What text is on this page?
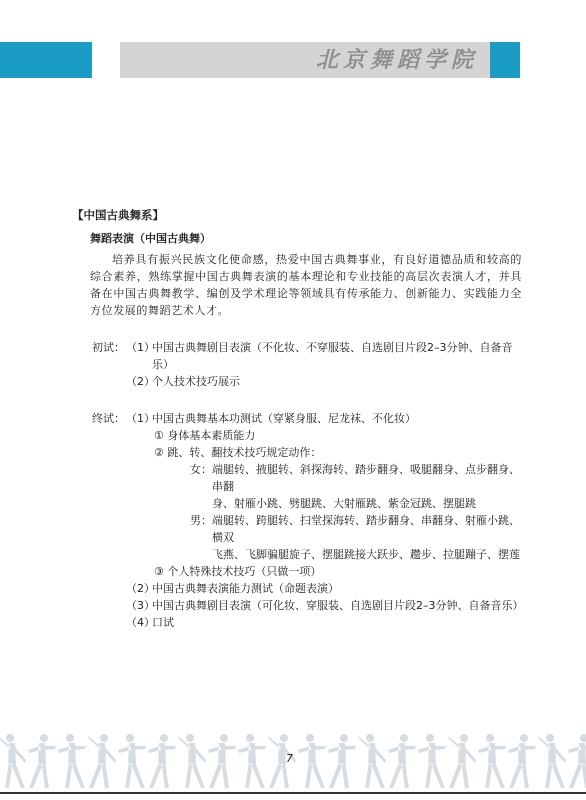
北京舞蹈学院
【中国古典舞系】
舞蹈表演（中国古典舞）
培养具有振兴民族文化使命感，热爱中国古典舞事业，有良好道德品质和较高的综合素养，熟练掌握中国古典舞表演的基本理论和专业技能的高层次表演人才，并具备在中国古典舞教学、编创及学术理论等领域具有传承能力、创新能力、实践能力全方位发展的舞蹈艺术人才。
初试： （1）
中国古典舞剧目表演（不化妆、不穿服装、自选剧目片段2–3分钟、自备音乐）
（2）
个人技术技巧展示
终试： （1）
中国古典舞基本功测试（穿紧身服、尼龙袜、不化妆）
① 身体基本素质能力
② 跳、转、翻技术技巧规定动作：
女： 端腿转、掖腿转、斜探海转、踏步翻身、吸腿翻身、点步翻身、串翻
身、射雁小跳、劈腿跳、大射雁跳、紫金冠跳、摆腿跳
男： 端腿转、跨腿转、扫堂探海转、踏步翻身、串翻身、射雁小跳、横双
飞燕、飞脚骗腿旋子、摆腿跳接大跃步、趱步、拉腿蹦子、摆莲
③ 个人特殊技术技巧（只做一项）
（2）
中国古典舞表演能力测试（命题表演）
（3）
中国古典舞剧目表演（可化妆、穿服装、自选剧目片段2–3分钟、自备音乐）
（4）
口试
7
